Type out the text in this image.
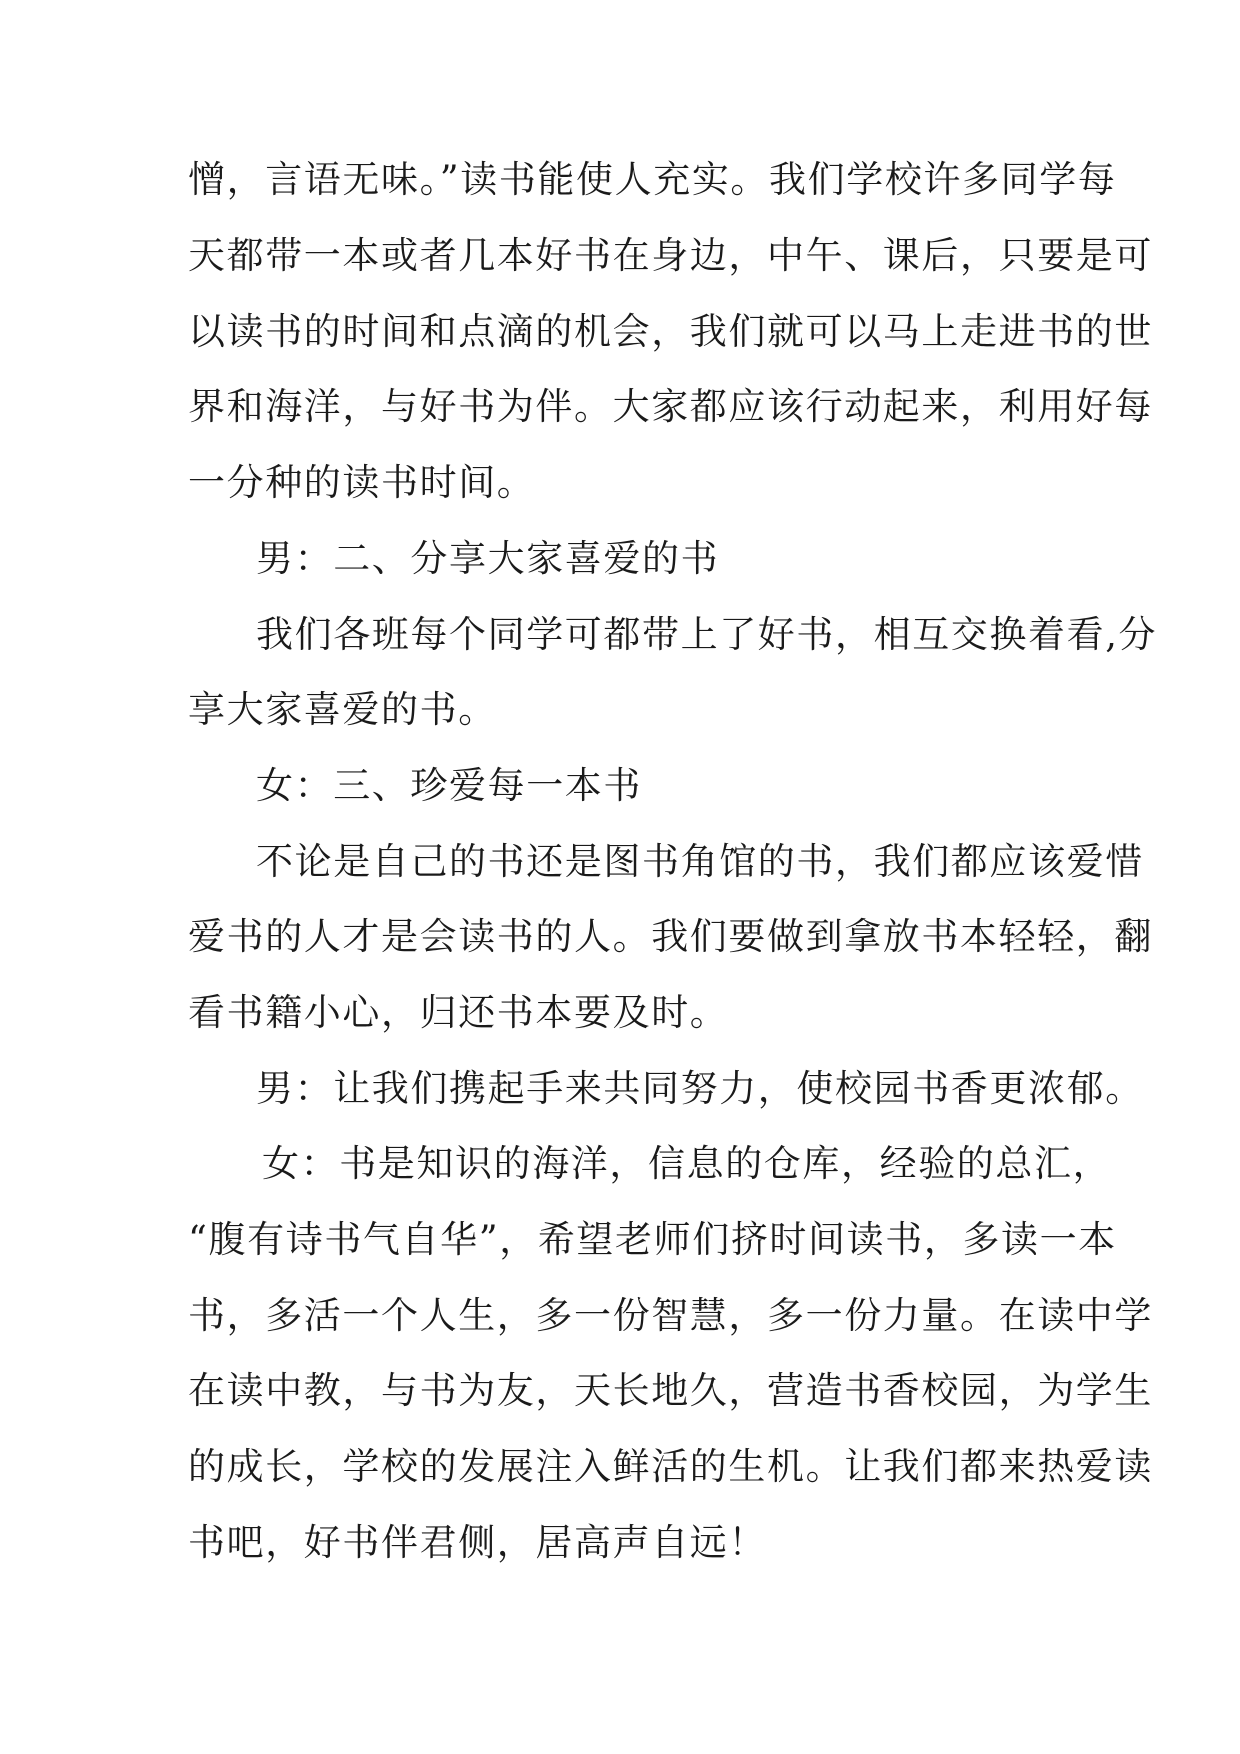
憎，言语无味。”读书能使人充实。我们学校许多同学每
天都带一本或者几本好书在身边，中午、课后，只要是可
以读书的时间和点滴的机会，我们就可以马上走进书的世
界和海洋，与好书为伴。大家都应该行动起来，利用好每
一分种的读书时间。
男：二、分享大家喜爱的书
我们各班每个同学可都带上了好书，相互交换着看,分
享大家喜爱的书。
女：三、珍爱每一本书
不论是自己的书还是图书角馆的书，我们都应该爱惜
爱书的人才是会读书的人。我们要做到拿放书本轻轻，翻
看书籍小心，归还书本要及时。
男：让我们携起手来共同努力，使校园书香更浓郁。
女：书是知识的海洋，信息的仓库，经验的总汇，
“腹有诗书气自华”，希望老师们挤时间读书，多读一本
书，多活一个人生，多一份智慧，多一份力量。在读中学
在读中教，与书为友，天长地久，营造书香校园，为学生
的成长，学校的发展注入鲜活的生机。让我们都来热爱读
书吧，好书伴君侧，居高声自远！
